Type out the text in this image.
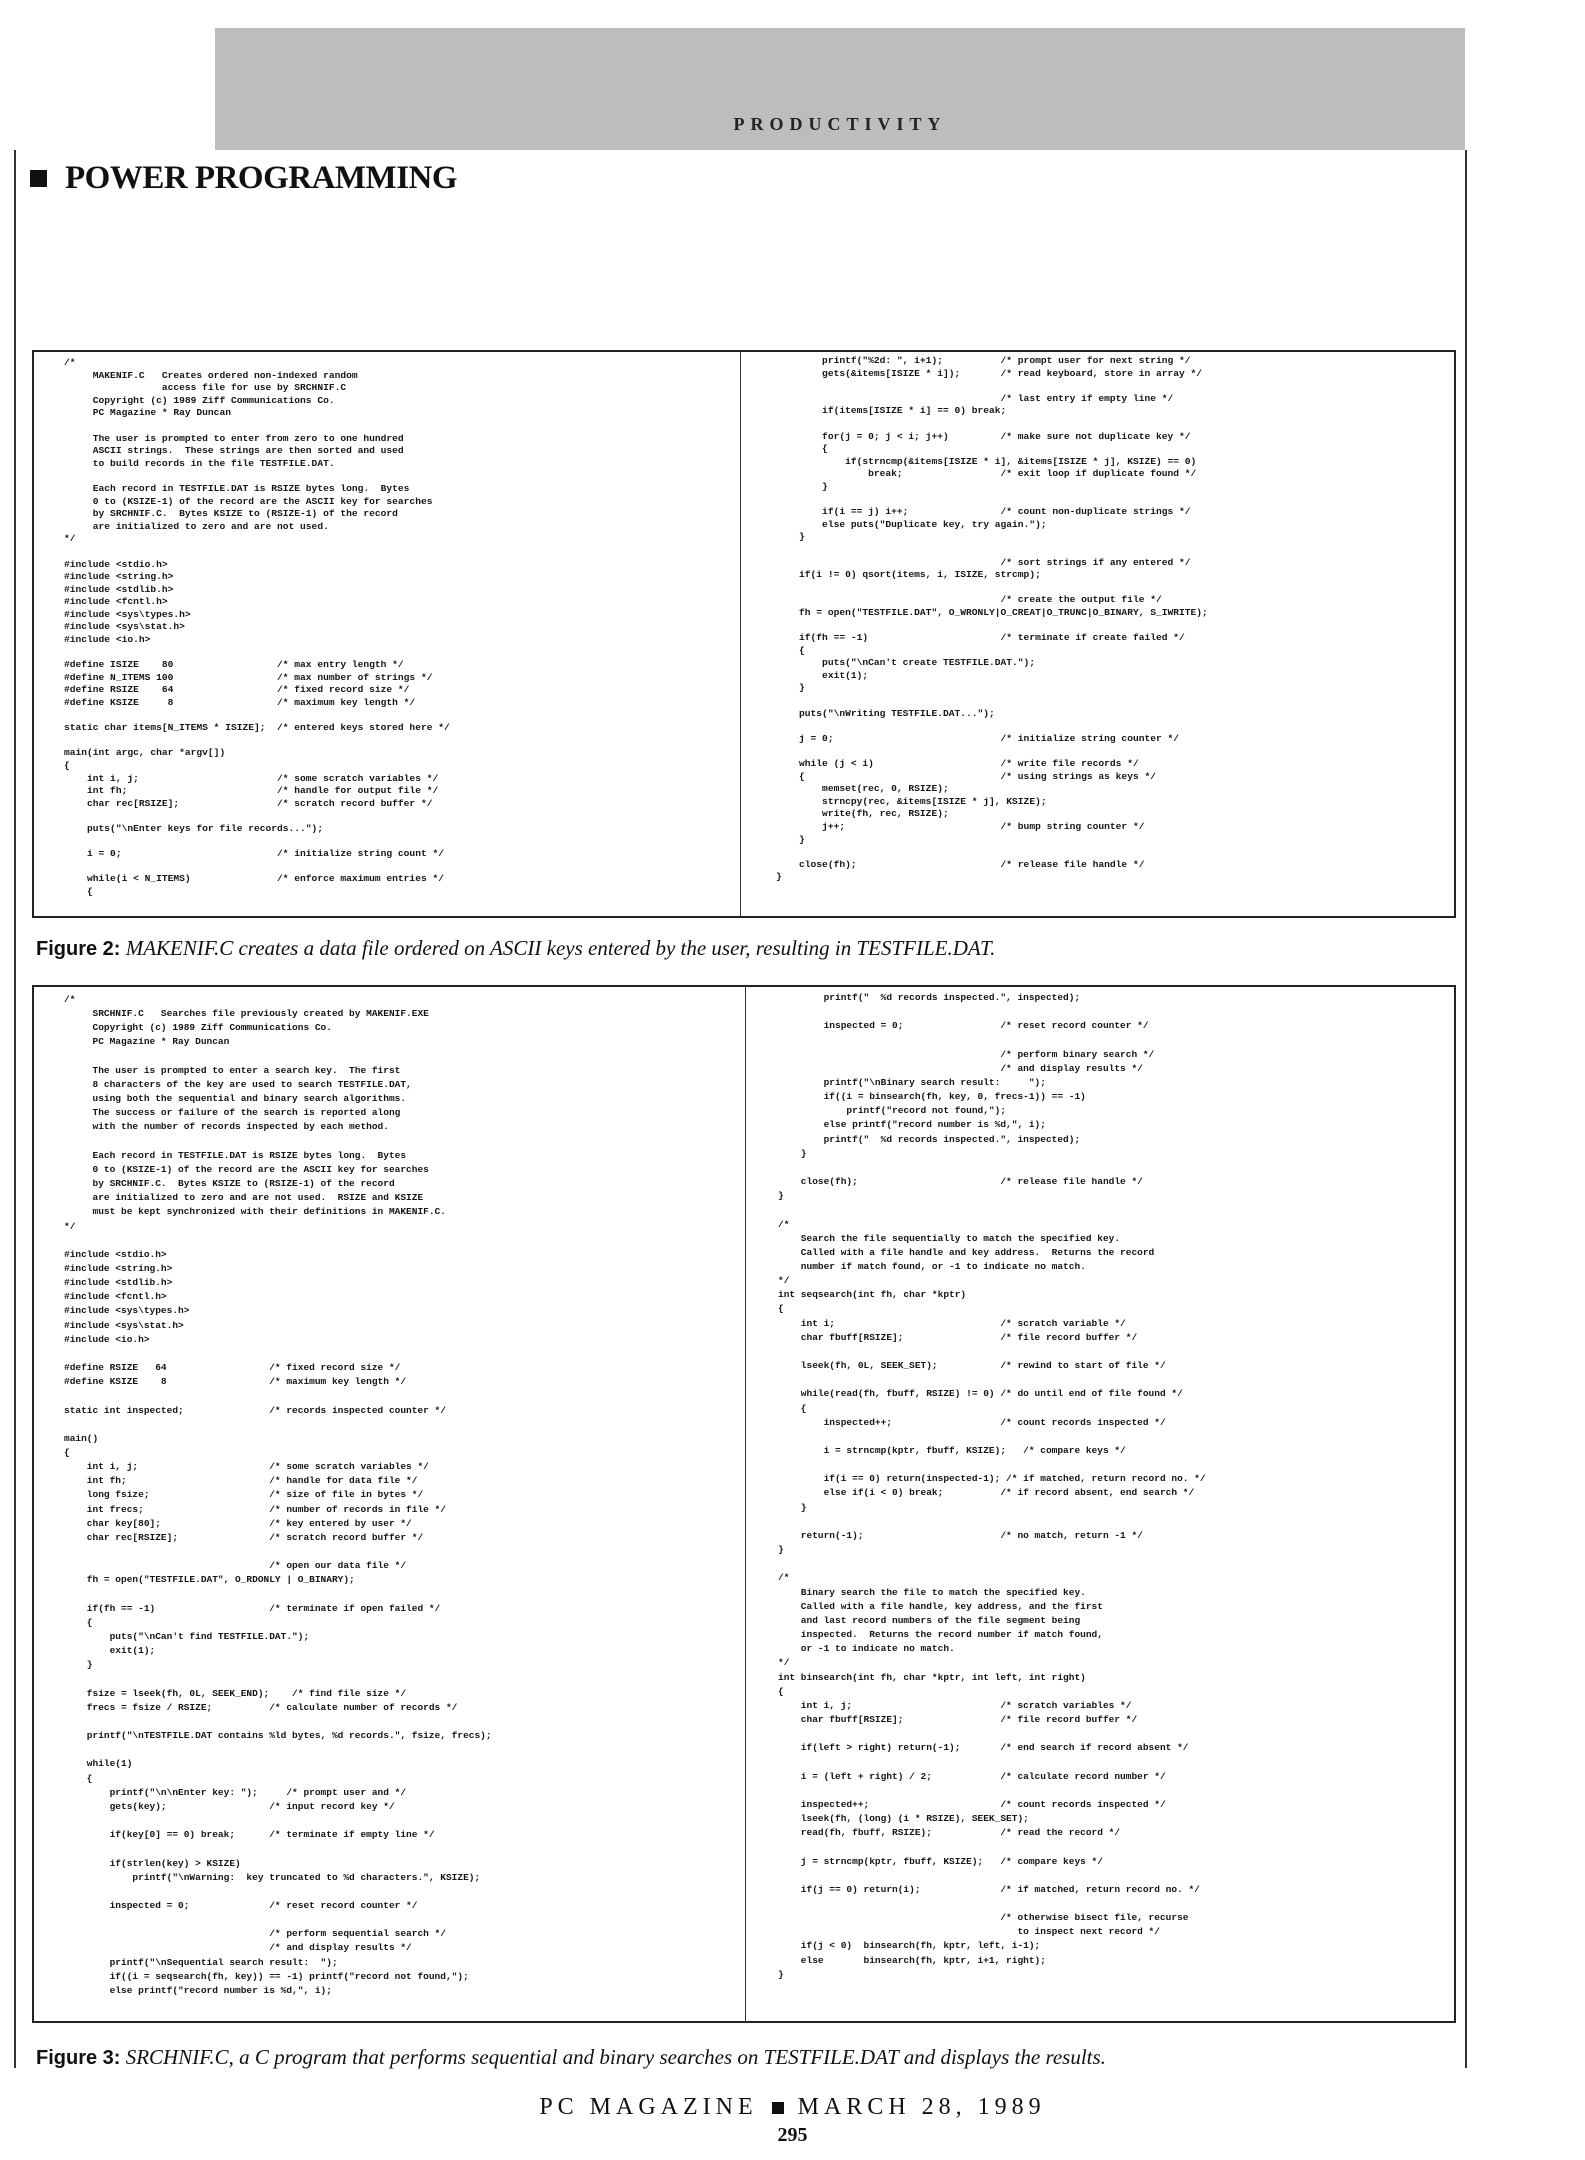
PRODUCTIVITY
POWER PROGRAMMING
/*
MAKENIF.C   Creates ordered non-indexed random
access file for use by SRCHNIF.C
Copyright (c) 1989 Ziff Communications Co.
PC Magazine * Ray Duncan

The user is prompted to enter from zero to one hundred
ASCII strings.  These strings are then sorted and used
to build records in the file TESTFILE.DAT.

Each record in TESTFILE.DAT is RSIZE bytes long.  Bytes
0 to (KSIZE-1) of the record are the ASCII key for searches
by SRCHNIF.C.  Bytes KSIZE to (RSIZE-1) of the record
are initialized to zero and are not used.
*/

#include <stdio.h>
#include <string.h>
#include <stdlib.h>
#include <fcntl.h>
#include <sys\types.h>
#include <sys\stat.h>
#include <io.h>

#define ISIZE    80                  /* max entry length */
#define N_ITEMS 100                  /* max number of strings */
#define RSIZE    64                  /* fixed record size */
#define KSIZE     8                  /* maximum key length */

static char items[N_ITEMS * ISIZE];  /* entered keys stored here */

main(int argc, char *argv[])
{
int i, j;                        /* some scratch variables */
int fh;                          /* handle for output file */
char rec[RSIZE];                 /* scratch record buffer */

puts("\nEnter keys for file records...");

i = 0;                           /* initialize string count */

while(i < N_ITEMS)               /* enforce maximum entries */
{
printf("%2d: ", i+1);          /* prompt user for next string */
gets(&items[ISIZE * i]);       /* read keyboard, store in array */

/* last entry if empty line */
if(items[ISIZE * i] == 0) break;

for(j = 0; j < i; j++)         /* make sure not duplicate key */
{
if(strncmp(&items[ISIZE * i], &items[ISIZE * j], KSIZE) == 0)
break;                 /* exit loop if duplicate found */
}

if(i == j) i++;                /* count non-duplicate strings */
else puts("Duplicate key, try again.");
}

/* sort strings if any entered */
if(i != 0) qsort(items, i, ISIZE, strcmp);

/* create the output file */
fh = open("TESTFILE.DAT", O_WRONLY|O_CREAT|O_TRUNC|O_BINARY, S_IWRITE);

if(fh == -1)                       /* terminate if create failed */
{
puts("\nCan't create TESTFILE.DAT.");
exit(1);
}

puts("\nWriting TESTFILE.DAT...");

j = 0;                             /* initialize string counter */

while (j < i)                      /* write file records */
{                                  /* using strings as keys */
memset(rec, 0, RSIZE);
strncpy(rec, &items[ISIZE * j], KSIZE);
write(fh, rec, RSIZE);
j++;                           /* bump string counter */
}

close(fh);                         /* release file handle */
}
Figure 2: MAKENIF.C creates a data file ordered on ASCII keys entered by the user, resulting in TESTFILE.DAT.
/*
SRCHNIF.C   Searches file previously created by MAKENIF.EXE
Copyright (c) 1989 Ziff Communications Co.
PC Magazine * Ray Duncan

The user is prompted to enter a search key.  The first
8 characters of the key are used to search TESTFILE.DAT,
using both the sequential and binary search algorithms.
The success or failure of the search is reported along
with the number of records inspected by each method.

Each record in TESTFILE.DAT is RSIZE bytes long.  Bytes
0 to (KSIZE-1) of the record are the ASCII key for searches
by SRCHNIF.C.  Bytes KSIZE to (RSIZE-1) of the record
are initialized to zero and are not used.  RSIZE and KSIZE
must be kept synchronized with their definitions in MAKENIF.C.
*/

#include <stdio.h>
#include <string.h>
#include <stdlib.h>
#include <fcntl.h>
#include <sys\types.h>
#include <sys\stat.h>
#include <io.h>

#define RSIZE   64                  /* fixed record size */
#define KSIZE    8                  /* maximum key length */

static int inspected;               /* records inspected counter */

main()
{
int i, j;                       /* some scratch variables */
int fh;                         /* handle for data file */
long fsize;                     /* size of file in bytes */
int frecs;                      /* number of records in file */
char key[80];                   /* key entered by user */
char rec[RSIZE];                /* scratch record buffer */

/* open our data file */
fh = open("TESTFILE.DAT", O_RDONLY | O_BINARY);

if(fh == -1)                    /* terminate if open failed */
{
puts("\nCan't find TESTFILE.DAT.");
exit(1);
}

fsize = lseek(fh, 0L, SEEK_END);    /* find file size */
frecs = fsize / RSIZE;          /* calculate number of records */

printf("\nTESTFILE.DAT contains %ld bytes, %d records.", fsize, frecs);

while(1)
{
printf("\n\nEnter key: ");     /* prompt user and */
gets(key);                  /* input record key */

if(key[0] == 0) break;      /* terminate if empty line */

if(strlen(key) > KSIZE)
printf("\nWarning:  key truncated to %d characters.", KSIZE);

inspected = 0;              /* reset record counter */

/* perform sequential search */
/* and display results */
printf("\nSequential search result:  ");
if((i = seqsearch(fh, key)) == -1) printf("record not found,");
else printf("record number is %d,", i);
printf("  %d records inspected.", inspected);

inspected = 0;                 /* reset record counter */

/* perform binary search */
/* and display results */
printf("\nBinary search result:     ");
if((i = binsearch(fh, key, 0, frecs-1)) == -1)
printf("record not found,");
else printf("record number is %d,", i);
printf("  %d records inspected.", inspected);
}

close(fh);                         /* release file handle */
}

/*
Search the file sequentially to match the specified key.
Called with a file handle and key address.  Returns the record
number if match found, or -1 to indicate no match.
*/
int seqsearch(int fh, char *kptr)
{
int i;                             /* scratch variable */
char fbuff[RSIZE];                 /* file record buffer */

lseek(fh, 0L, SEEK_SET);           /* rewind to start of file */

while(read(fh, fbuff, RSIZE) != 0) /* do until end of file found */
{
inspected++;                   /* count records inspected */

i = strncmp(kptr, fbuff, KSIZE);   /* compare keys */

if(i == 0) return(inspected-1); /* if matched, return record no. */
else if(i < 0) break;          /* if record absent, end search */
}

return(-1);                        /* no match, return -1 */
}

/*
Binary search the file to match the specified key.
Called with a file handle, key address, and the first
and last record numbers of the file segment being
inspected.  Returns the record number if match found,
or -1 to indicate no match.
*/
int binsearch(int fh, char *kptr, int left, int right)
{
int i, j;                          /* scratch variables */
char fbuff[RSIZE];                 /* file record buffer */

if(left > right) return(-1);       /* end search if record absent */

i = (left + right) / 2;            /* calculate record number */

inspected++;                       /* count records inspected */
lseek(fh, (long) (i * RSIZE), SEEK_SET);
read(fh, fbuff, RSIZE);            /* read the record */

j = strncmp(kptr, fbuff, KSIZE);   /* compare keys */

if(j == 0) return(i);              /* if matched, return record no. */

/* otherwise bisect file, recurse
to inspect next record */
if(j < 0)  binsearch(fh, kptr, left, i-1);
else       binsearch(fh, kptr, i+1, right);
}
Figure 3: SRCHNIF.C, a C program that performs sequential and binary searches on TESTFILE.DAT and displays the results.
PC MAGAZINE MARCH 28, 1989
295
